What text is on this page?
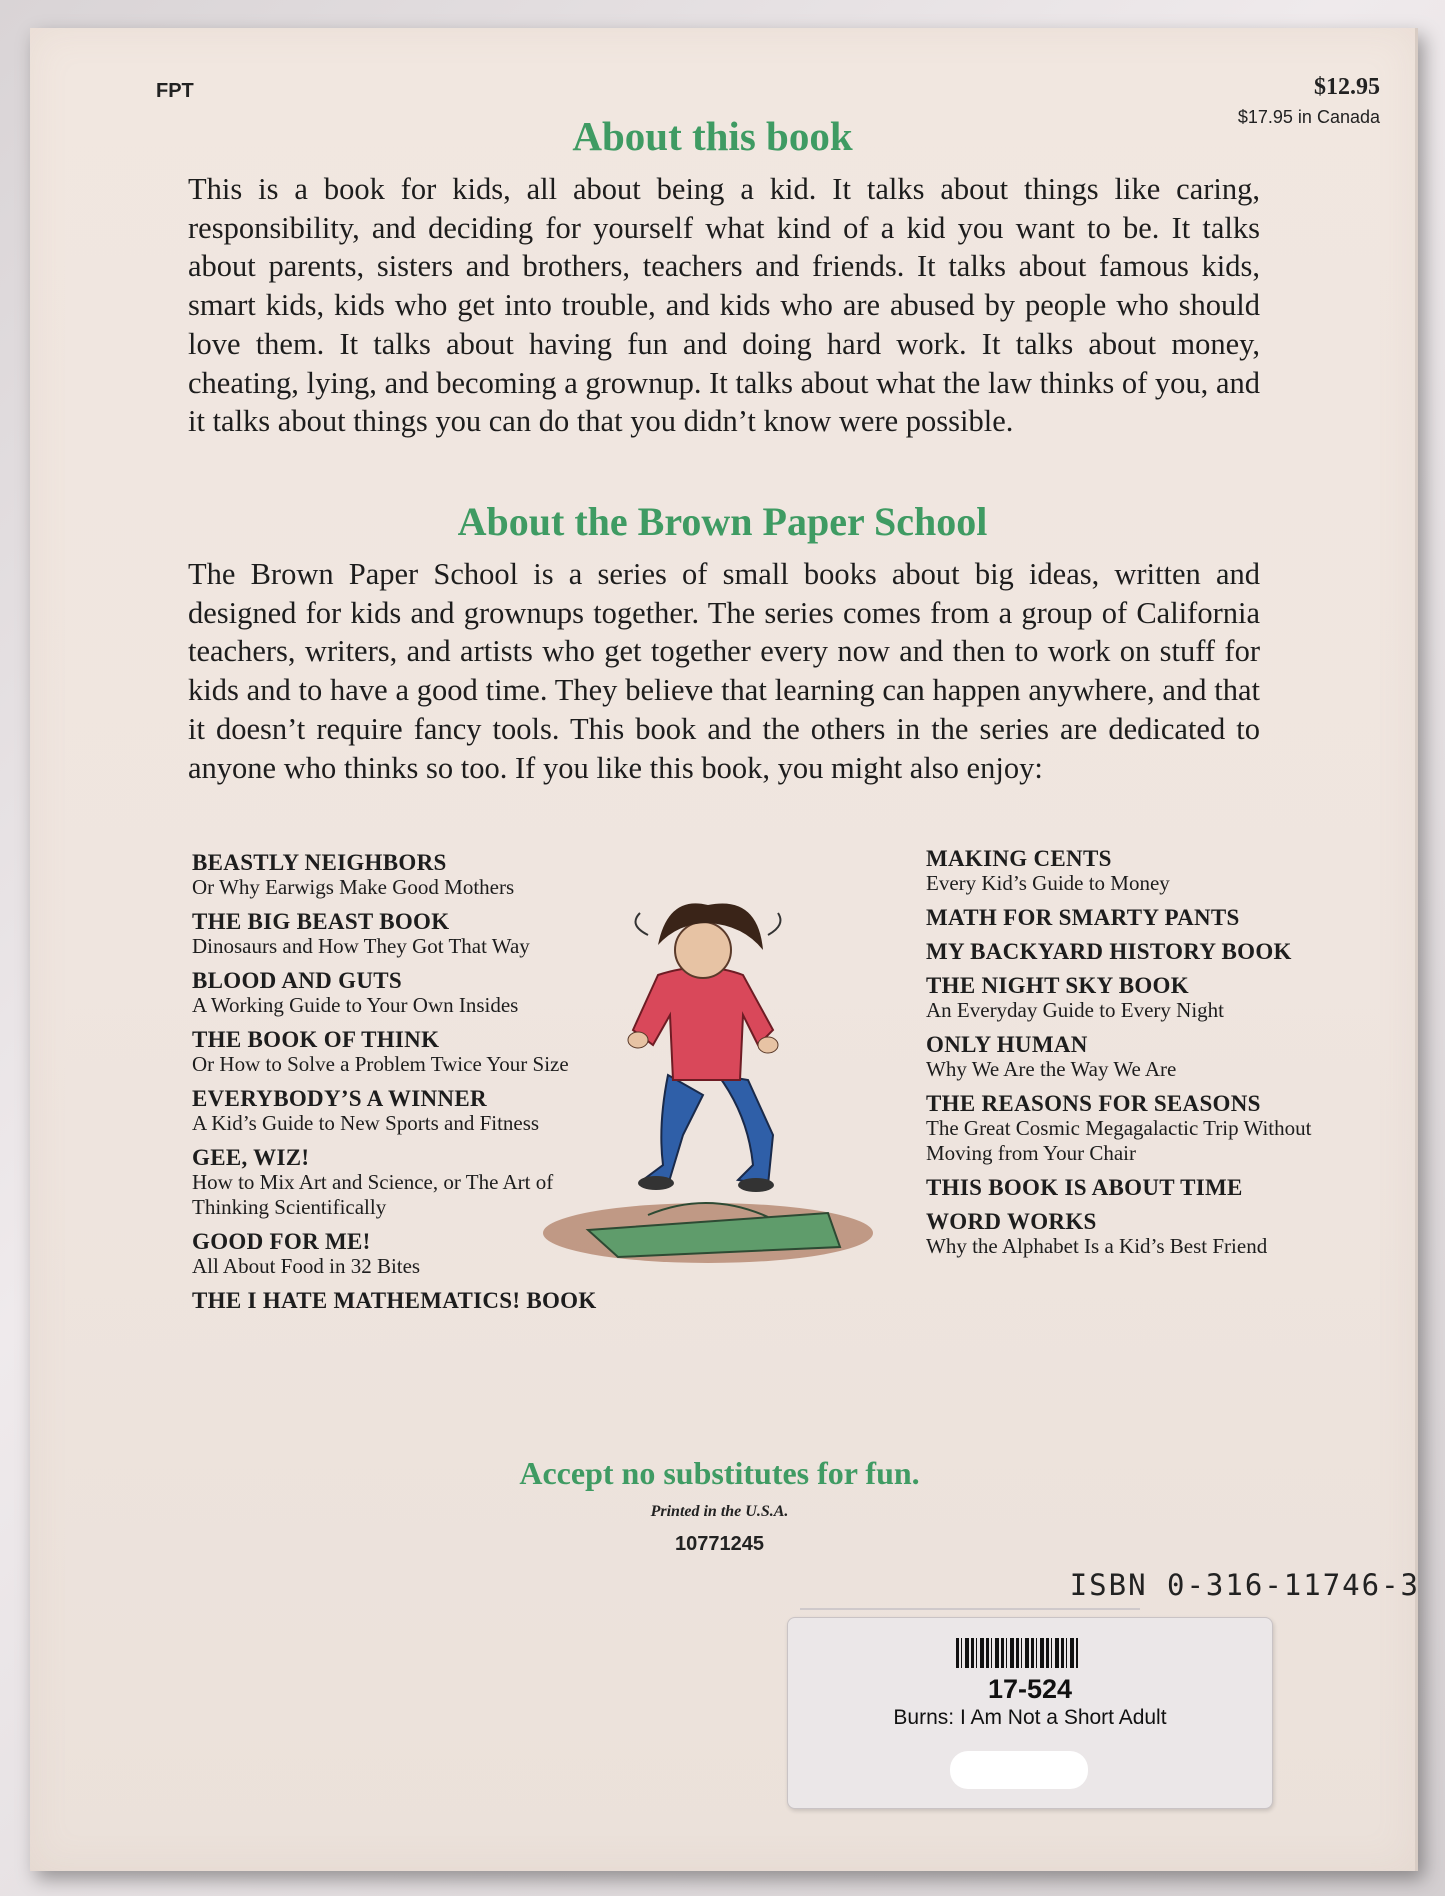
FPT	$12.95
$17.95 in Canada
About this book
This is a book for kids, all about being a kid. It talks about things like caring, responsibility, and deciding for yourself what kind of a kid you want to be. It talks about parents, sisters and brothers, teachers and friends. It talks about famous kids, smart kids, kids who get into trouble, and kids who are abused by people who should love them. It talks about having fun and doing hard work. It talks about money, cheating, lying, and becoming a grownup. It talks about what the law thinks of you, and it talks about things you can do that you didn’t know were possible.
About the Brown Paper School
The Brown Paper School is a series of small books about big ideas, written and designed for kids and grownups together. The series comes from a group of California teachers, writers, and artists who get together every now and then to work on stuff for kids and to have a good time. They believe that learning can happen anywhere, and that it doesn’t require fancy tools. This book and the others in the series are dedicated to anyone who thinks so too. If you like this book, you might also enjoy:
BEASTLY NEIGHBORS
Or Why Earwigs Make Good Mothers
THE BIG BEAST BOOK
Dinosaurs and How They Got That Way
BLOOD AND GUTS
A Working Guide to Your Own Insides
THE BOOK OF THINK
Or How to Solve a Problem Twice Your Size
EVERYBODY’S A WINNER
A Kid’s Guide to New Sports and Fitness
GEE, WIZ!
How to Mix Art and Science, or The Art of Thinking Scientifically
GOOD FOR ME!
All About Food in 32 Bites
THE I HATE MATHEMATICS! BOOK
MAKING CENTS
Every Kid’s Guide to Money
MATH FOR SMARTY PANTS
MY BACKYARD HISTORY BOOK
THE NIGHT SKY BOOK
An Everyday Guide to Every Night
ONLY HUMAN
Why We Are the Way We Are
THE REASONS FOR SEASONS
The Great Cosmic Megagalactic Trip Without Moving from Your Chair
THIS BOOK IS ABOUT TIME
WORD WORKS
Why the Alphabet Is a Kid’s Best Friend
Accept no substitutes for fun.
Printed in the U.S.A.
10771245
ISBN 0-316-11746-3
17-524
Burns: I Am Not a Short Adult
